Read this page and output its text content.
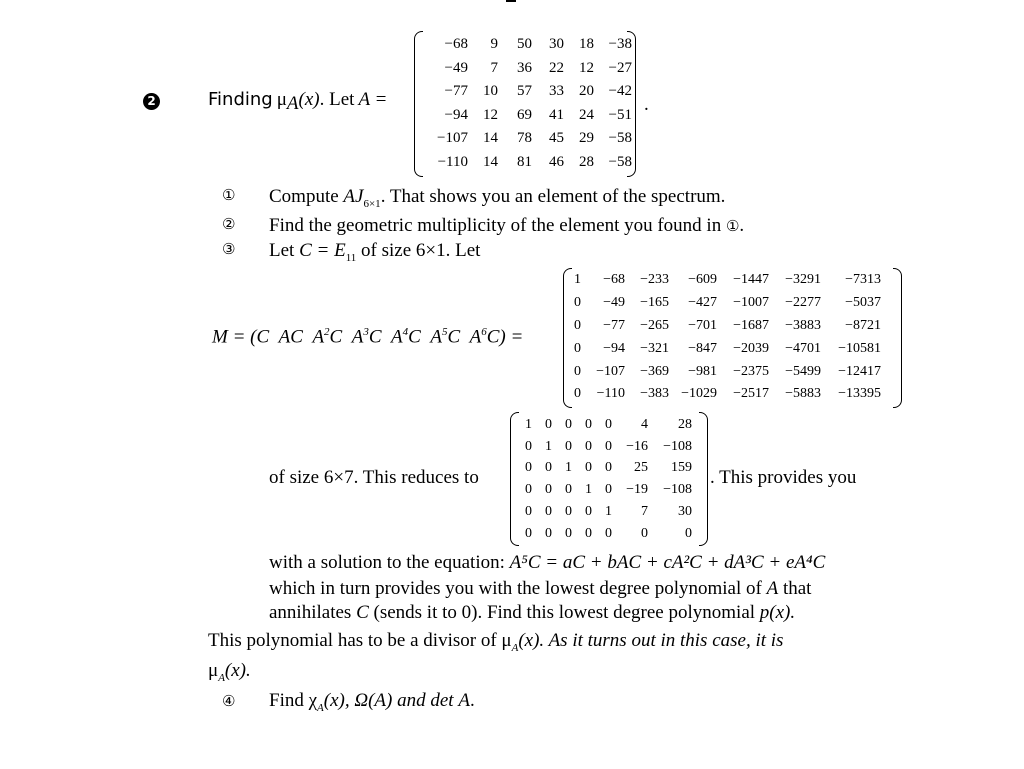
2	Finding $\mu_A(x)$. Let A =
−68	9	50	30	18	−38
−49	7	36	22	12	−27
−77	10	57	33	20	−42
−94	12	69	41	24	−51
−107	14	78	45	29	−58
−110	14	81	46	28	−58
.
① Compute $AJ_{6\times 1}$. That shows you an element of the spectrum.
② Find the geometric multiplicity of the element you found in ①.
③ Let $C = E_{11}$ of size 6×1. Let
M = (C AC $A^2C$ $A^3C$ $A^4C$ $A^5C$ $A^6C$) =
1	−68	−233	−609	−1447	−3291	−7313
0	−49	−165	−427	−1007	−2277	−5037
0	−77	−265	−701	−1687	−3883	−8721
0	−94	−321	−847	−2039	−4701	−10581
0	−107	−369	−981	−2375	−5499	−12417
0	−110	−383	−1029	−2517	−5883	−13395
of size 6×7. This reduces to
1	0	0	0	0	4	28
0	1	0	0	0	−16	−108
0	0	1	0	0	25	159
0	0	0	1	0	−19	−108
0	0	0	0	1	7	30
0	0	0	0	0	0	0
. This provides you
with a solution to the equation: A⁵C = aC + bAC + cA²C + dA³C + eA⁴C
which in turn provides you with the lowest degree polynomial of A that
annihilates C (sends it to 0). Find this lowest degree polynomial p(x).
This polynomial has to be a divisor of $\mu_A(x)$. As it turns out in this case, it is
$\mu_A(x)$.
④ Find $\chi_A(x)$, Ω(A) and det A.
